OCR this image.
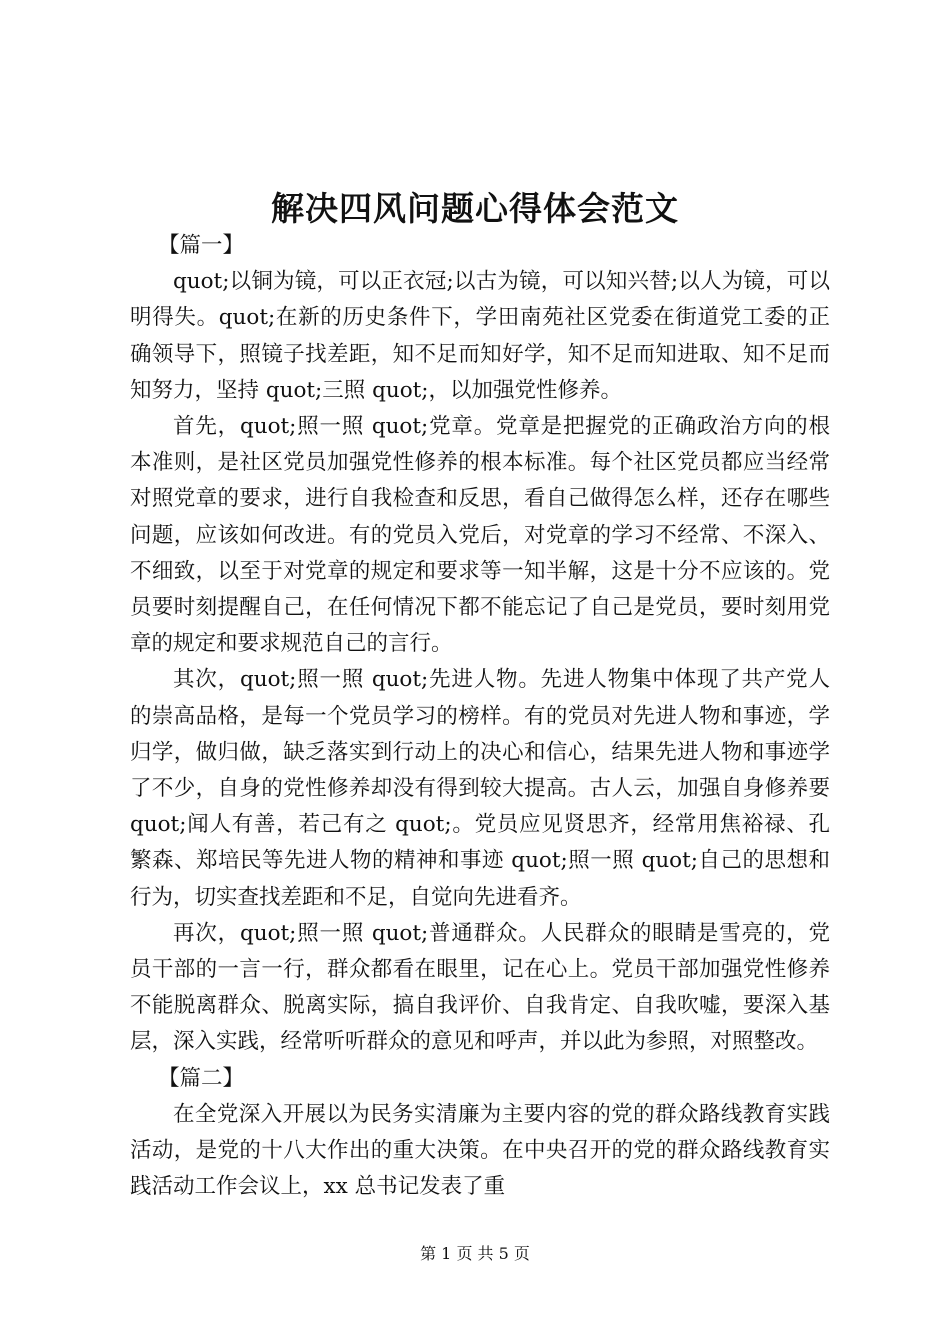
解决四风问题心得体会范文

【篇一】

quot;以铜为镜，可以正衣冠;以古为镜，可以知兴替;以人为镜，可以明得失。quot;在新的历史条件下，学田南苑社区党委在街道党工委的正确领导下，照镜子找差距，知不足而知好学，知不足而知进取、知不足而知努力，坚持 quot;三照 quot;，以加强党性修养。

首先，quot;照一照 quot;党章。党章是把握党的正确政治方向的根本准则，是社区党员加强党性修养的根本标准。每个社区党员都应当经常对照党章的要求，进行自我检查和反思，看自己做得怎么样，还存在哪些问题，应该如何改进。有的党员入党后，对党章的学习不经常、不深入、不细致，以至于对党章的规定和要求等一知半解，这是十分不应该的。党员要时刻提醒自己，在任何情况下都不能忘记了自己是党员，要时刻用党章的规定和要求规范自己的言行。

其次，quot;照一照 quot;先进人物。先进人物集中体现了共产党人的崇高品格，是每一个党员学习的榜样。有的党员对先进人物和事迹，学归学，做归做，缺乏落实到行动上的决心和信心，结果先进人物和事迹学了不少，自身的党性修养却没有得到较大提高。古人云，加强自身修养要 quot;闻人有善，若己有之 quot;。党员应见贤思齐，经常用焦裕禄、孔繁森、郑培民等先进人物的精神和事迹 quot;照一照 quot;自己的思想和行为，切实查找差距和不足，自觉向先进看齐。

再次，quot;照一照 quot;普通群众。人民群众的眼睛是雪亮的，党员干部的一言一行，群众都看在眼里，记在心上。党员干部加强党性修养不能脱离群众、脱离实际，搞自我评价、自我肯定、自我吹嘘，要深入基层，深入实践，经常听听群众的意见和呼声，并以此为参照，对照整改。

【篇二】

在全党深入开展以为民务实清廉为主要内容的党的群众路线教育实践活动，是党的十八大作出的重大决策。在中央召开的党的群众路线教育实践活动工作会议上，xx 总书记发表了重

第 1 页 共 5 页
